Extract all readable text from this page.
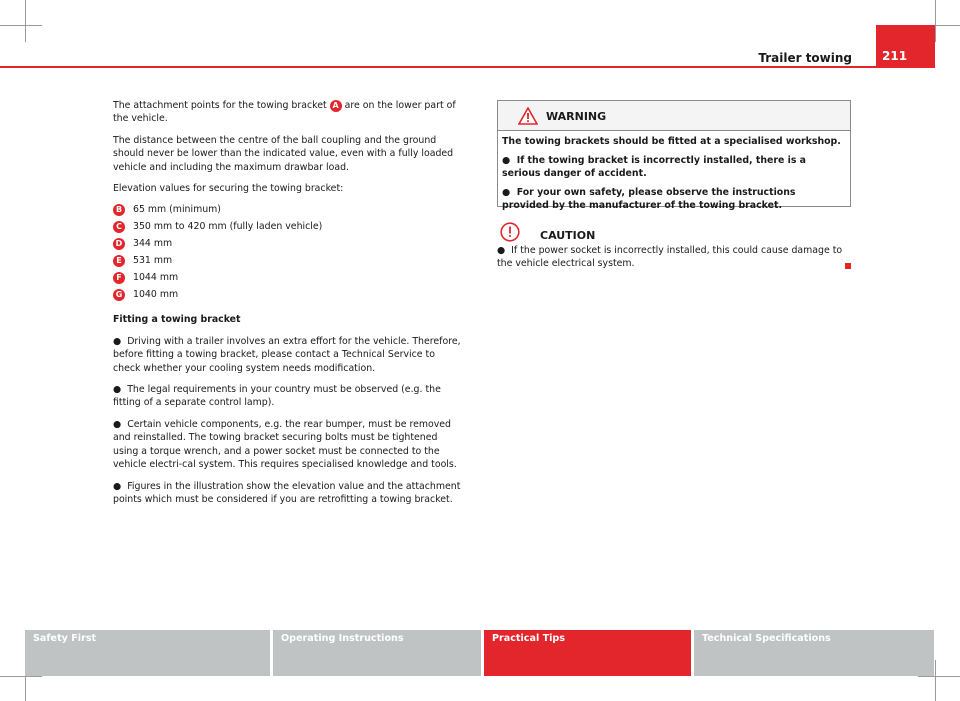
Trailer towing	211

The attachment points for the towing bracket A are on the lower part of the vehicle.

The distance between the centre of the ball coupling and the ground should never be lower than the indicated value, even with a fully loaded vehicle and including the maximum drawbar load.

Elevation values for securing the towing bracket:

B	65 mm (minimum)
C	350 mm to 420 mm (fully laden vehicle)
D 344 mm
E	531 mm
F	1044 mm
G 1040 mm

Fitting a towing bracket

● Driving with a trailer involves an extra effort for the vehicle. Therefore, before fitting a towing bracket, please contact a Technical Service to check whether your cooling system needs modification.

● The legal requirements in your country must be observed (e.g. the fitting of a separate control lamp).

● Certain vehicle components, e.g. the rear bumper, must be removed and reinstalled. The towing bracket securing bolts must be tightened using a torque wrench, and a power socket must be connected to the vehicle electri-cal system. This requires specialised knowledge and tools.

● Figures in the illustration show the elevation value and the attachment points which must be considered if you are retrofitting a towing bracket.

WARNING

The towing brackets should be fitted at a specialised workshop.

● If the towing bracket is incorrectly installed, there is a serious danger of accident.

● For your own safety, please observe the instructions provided by the manufacturer of the towing bracket.

CAUTION
● If the power socket is incorrectly installed, this could cause damage to the vehicle electrical system.
Safety First	Operating Instructions	Practical Tips	Technical Specifications
